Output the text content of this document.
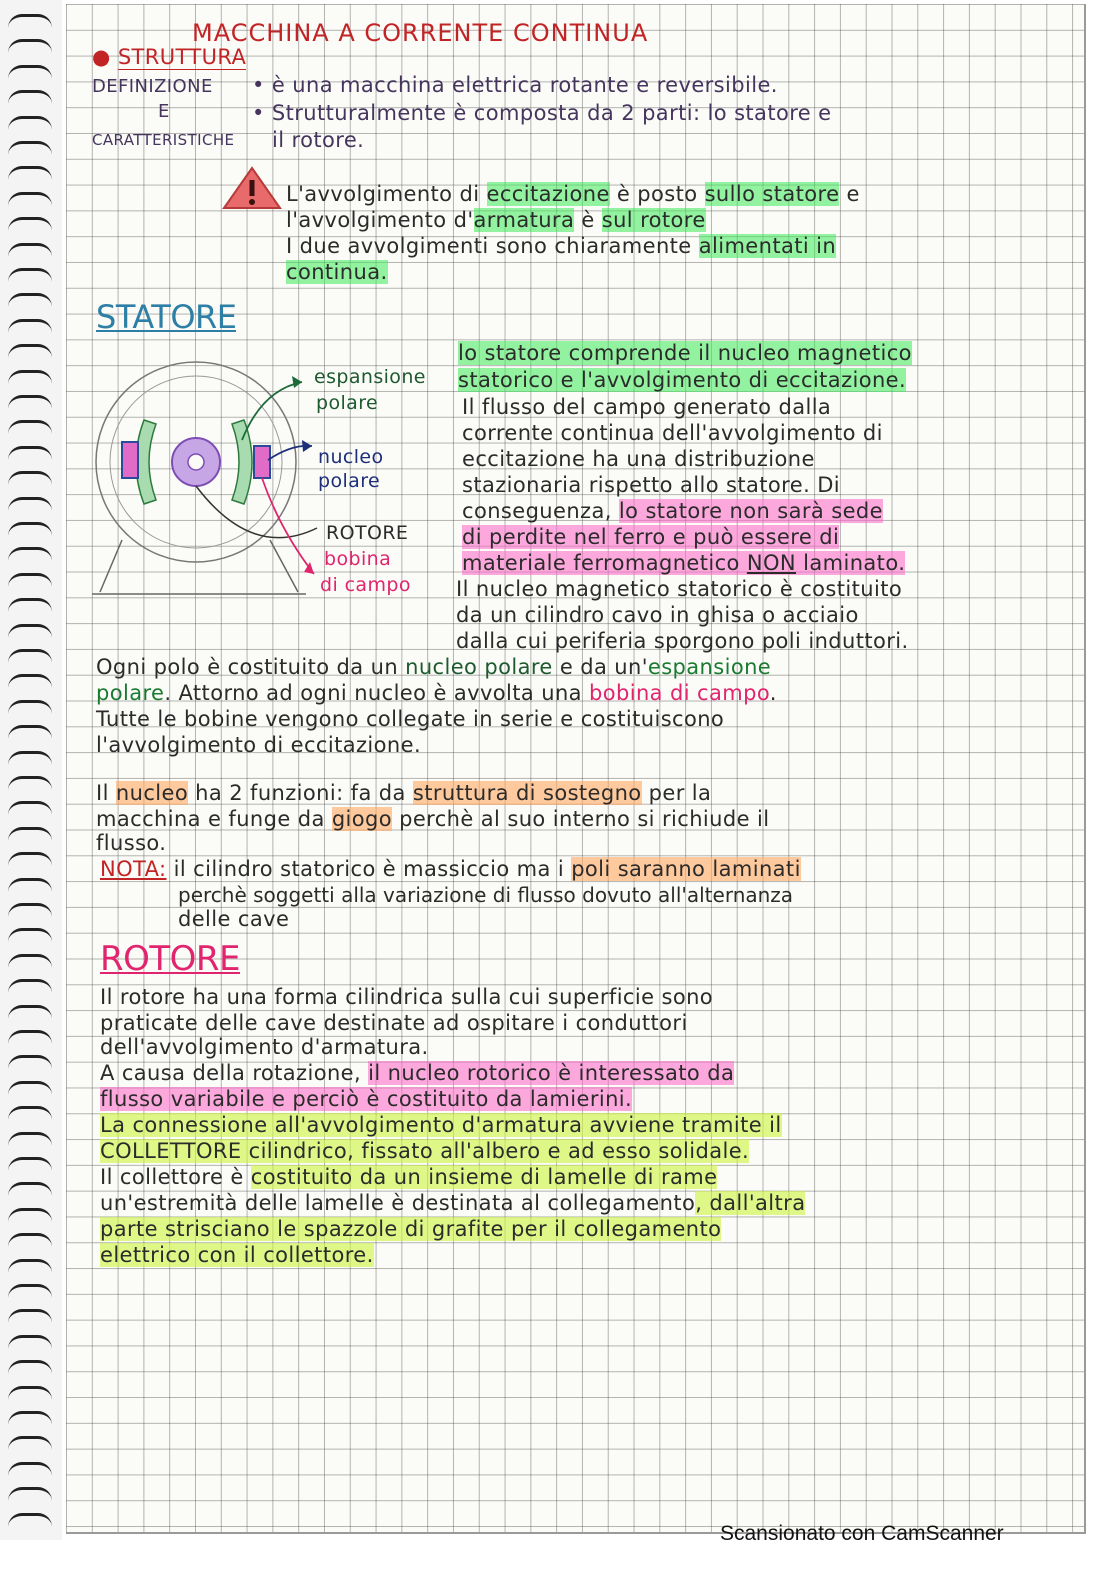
MACCHINA A CORRENTE CONTINUA
● STRUTTURA
DEFINIZIONE
E
CARATTERISTICHE
• è una macchina elettrica rotante e reversibile.
• Strutturalmente è composta da 2 parti: lo statore e
il rotore.
L'avvolgimento di eccitazione è posto sullo statore e
l'avvolgimento d'armatura è sul rotore
I due avvolgimenti sono chiaramente alimentati in
continua.
STATORE
espansione
polare
nucleo
polare
ROTORE
bobina
di campo
lo statore comprende il nucleo magnetico
statorico e l'avvolgimento di eccitazione.
Il flusso del campo generato dalla
corrente continua dell'avvolgimento di
eccitazione ha una distribuzione
stazionaria rispetto allo statore. Di
conseguenza, lo statore non sarà sede
di perdite nel ferro e può essere di
materiale ferromagnetico NON laminato.
Il nucleo magnetico statorico è costituito
da un cilindro cavo in ghisa o acciaio
dalla cui periferia sporgono poli induttori.
Ogni polo è costituito da un nucleo polare e da un'espansione
polare. Attorno ad ogni nucleo è avvolta una bobina di campo.
Tutte le bobine vengono collegate in serie e costituiscono
l'avvolgimento di eccitazione.
Il nucleo ha 2 funzioni: fa da struttura di sostegno per la
macchina e funge da giogo perchè al suo interno si richiude il
flusso.
NOTA: il cilindro statorico è massiccio ma i poli saranno laminati
perchè soggetti alla variazione di flusso dovuto all'alternanza
delle cave
ROTORE
Il rotore ha una forma cilindrica sulla cui superficie sono
praticate delle cave destinate ad ospitare i conduttori
dell'avvolgimento d'armatura.
A causa della rotazione, il nucleo rotorico è interessato da
flusso variabile e perciò è costituito da lamierini.
La connessione all'avvolgimento d'armatura avviene tramite il
COLLETTORE cilindrico, fissato all'albero e ad esso solidale.
Il collettore è costituito da un insieme di lamelle di rame
un'estremità delle lamelle è destinata al collegamento, dall'altra
parte strisciano le spazzole di grafite per il collegamento
elettrico con il collettore.
Scansionato con CamScanner
